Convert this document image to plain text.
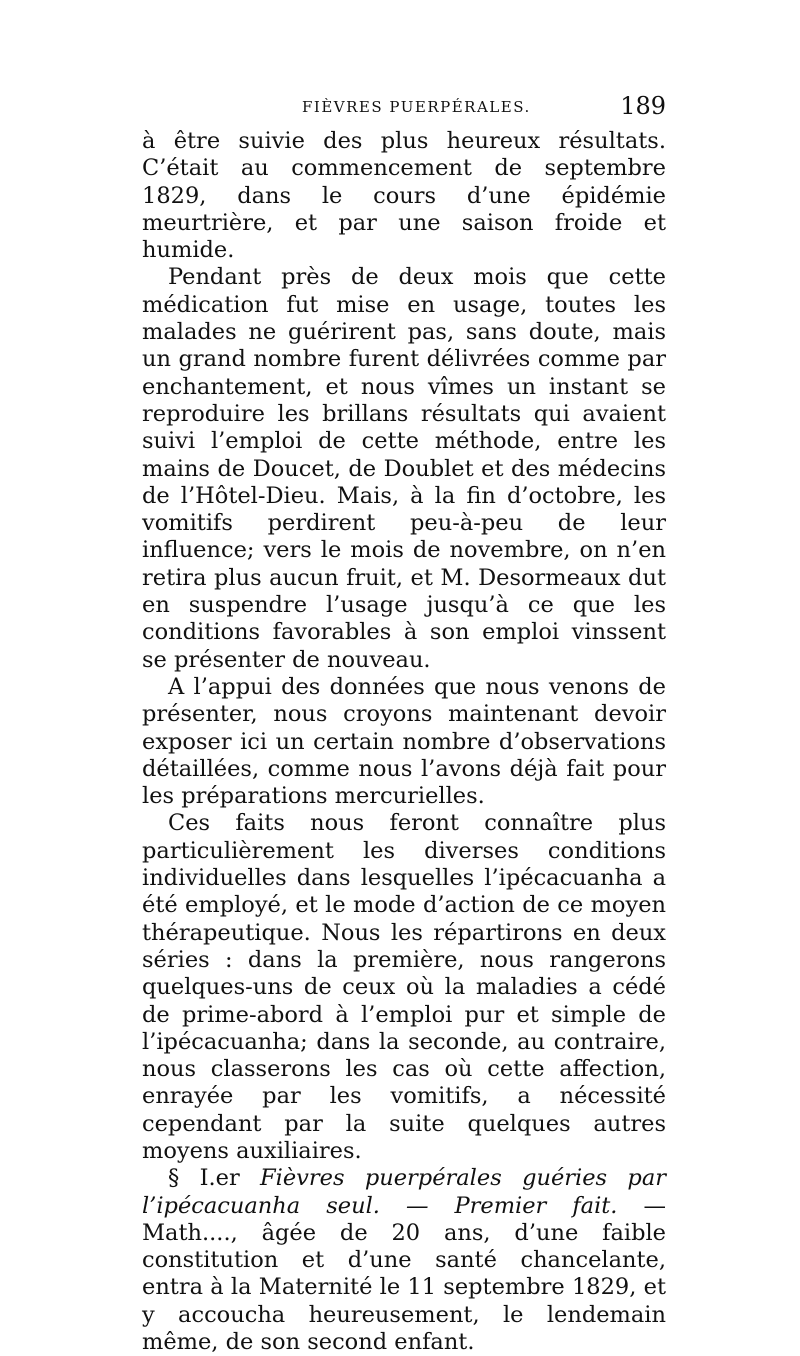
FIÈVRES PUERPÉRALES.	189

à être suivie des plus heureux résultats. C’était au commencement de septembre 1829, dans le cours d’une épidémie meurtrière, et par une saison froide et humide.

Pendant près de deux mois que cette médication fut mise en usage, toutes les malades ne guérirent pas, sans doute, mais un grand nombre furent délivrées comme par enchantement, et nous vîmes un instant se reproduire les brillans résultats qui avaient suivi l’emploi de cette méthode, entre les mains de Doucet, de Doublet et des médecins de l’Hôtel-Dieu. Mais, à la fin d’octobre, les vomitifs perdirent peu-à-peu de leur influence; vers le mois de novembre, on n’en retira plus aucun fruit, et M. Desormeaux dut en suspendre l’usage jusqu’à ce que les conditions favorables à son emploi vinssent se présenter de nouveau.

A l’appui des données que nous venons de présenter, nous croyons maintenant devoir exposer ici un certain nombre d’observations détaillées, comme nous l’avons déjà fait pour les préparations mercurielles.

Ces faits nous feront connaître plus particulièrement les diverses conditions individuelles dans lesquelles l’ipécacuanha a été employé, et le mode d’action de ce moyen thérapeutique. Nous les répartirons en deux séries : dans la première, nous rangerons quelques-uns de ceux où la maladies a cédé de prime-abord à l’emploi pur et simple de l’ipécacuanha; dans la seconde, au contraire, nous classerons les cas où cette affection, enrayée par les vomitifs, a nécessité cependant par la suite quelques autres moyens auxiliaires.

§ I.er Fièvres puerpérales guéries par l’ipécacuanha seul. — Premier fait. — Math...., âgée de 20 ans, d’une faible constitution et d’une santé chancelante, entra à la Maternité le 11 septembre 1829, et y accoucha heureusement, le lendemain même, de son second enfant.
